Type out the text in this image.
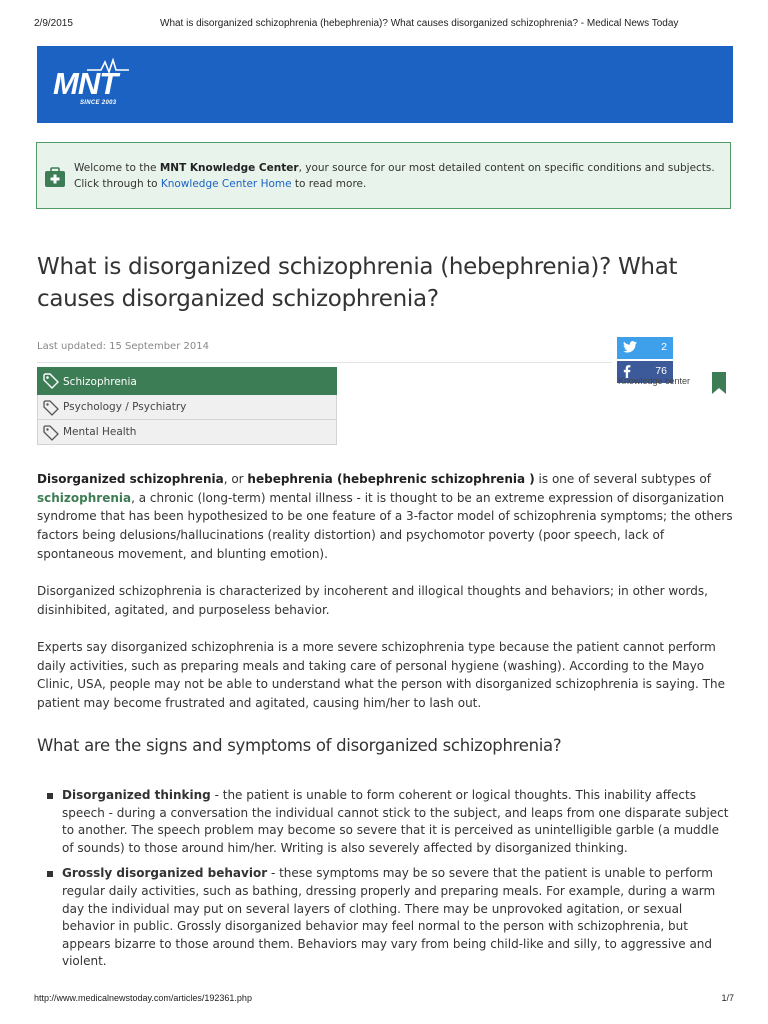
2/9/2015	What is disorganized schizophrenia (hebephrenia)? What causes disorganized schizophrenia? - Medical News Today
MNT
SINCE 2003
Welcome to the MNT Knowledge Center, your source for our most detailed content on specific conditions and subjects. Click through to Knowledge Center Home to read more.
What is disorganized schizophrenia (hebephrenia)? What causes disorganized schizophrenia?
Last updated: 15 September 2014
Schizophrenia
Psychology / Psychiatry
Mental Health
2
76
Knowledge center

Disorganized schizophrenia, or hebephrenia (hebephrenic schizophrenia ) is one of several subtypes of schizophrenia, a chronic (long-term) mental illness - it is thought to be an extreme expression of disorganization syndrome that has been hypothesized to be one feature of a 3-factor model of schizophrenia symptoms; the others factors being delusions/hallucinations (reality distortion) and psychomotor poverty (poor speech, lack of spontaneous movement, and blunting emotion).

Disorganized schizophrenia is characterized by incoherent and illogical thoughts and behaviors; in other words, disinhibited, agitated, and purposeless behavior.

Experts say disorganized schizophrenia is a more severe schizophrenia type because the patient cannot perform daily activities, such as preparing meals and taking care of personal hygiene (washing). According to the Mayo Clinic, USA, people may not be able to understand what the person with disorganized schizophrenia is saying. The patient may become frustrated and agitated, causing him/her to lash out.

What are the signs and symptoms of disorganized schizophrenia?
Disorganized thinking - the patient is unable to form coherent or logical thoughts. This inability affects speech - during a conversation the individual cannot stick to the subject, and leaps from one disparate subject to another. The speech problem may become so severe that it is perceived as unintelligible garble (a muddle of sounds) to those around him/her. Writing is also severely affected by disorganized thinking.
Grossly disorganized behavior - these symptoms may be so severe that the patient is unable to perform regular daily activities, such as bathing, dressing properly and preparing meals. For example, during a warm day the individual may put on several layers of clothing. There may be unprovoked agitation, or sexual behavior in public. Grossly disorganized behavior may feel normal to the person with schizophrenia, but appears bizarre to those around them. Behaviors may vary from being child-like and silly, to aggressive and violent.
http://www.medicalnewstoday.com/articles/192361.php	1/7
